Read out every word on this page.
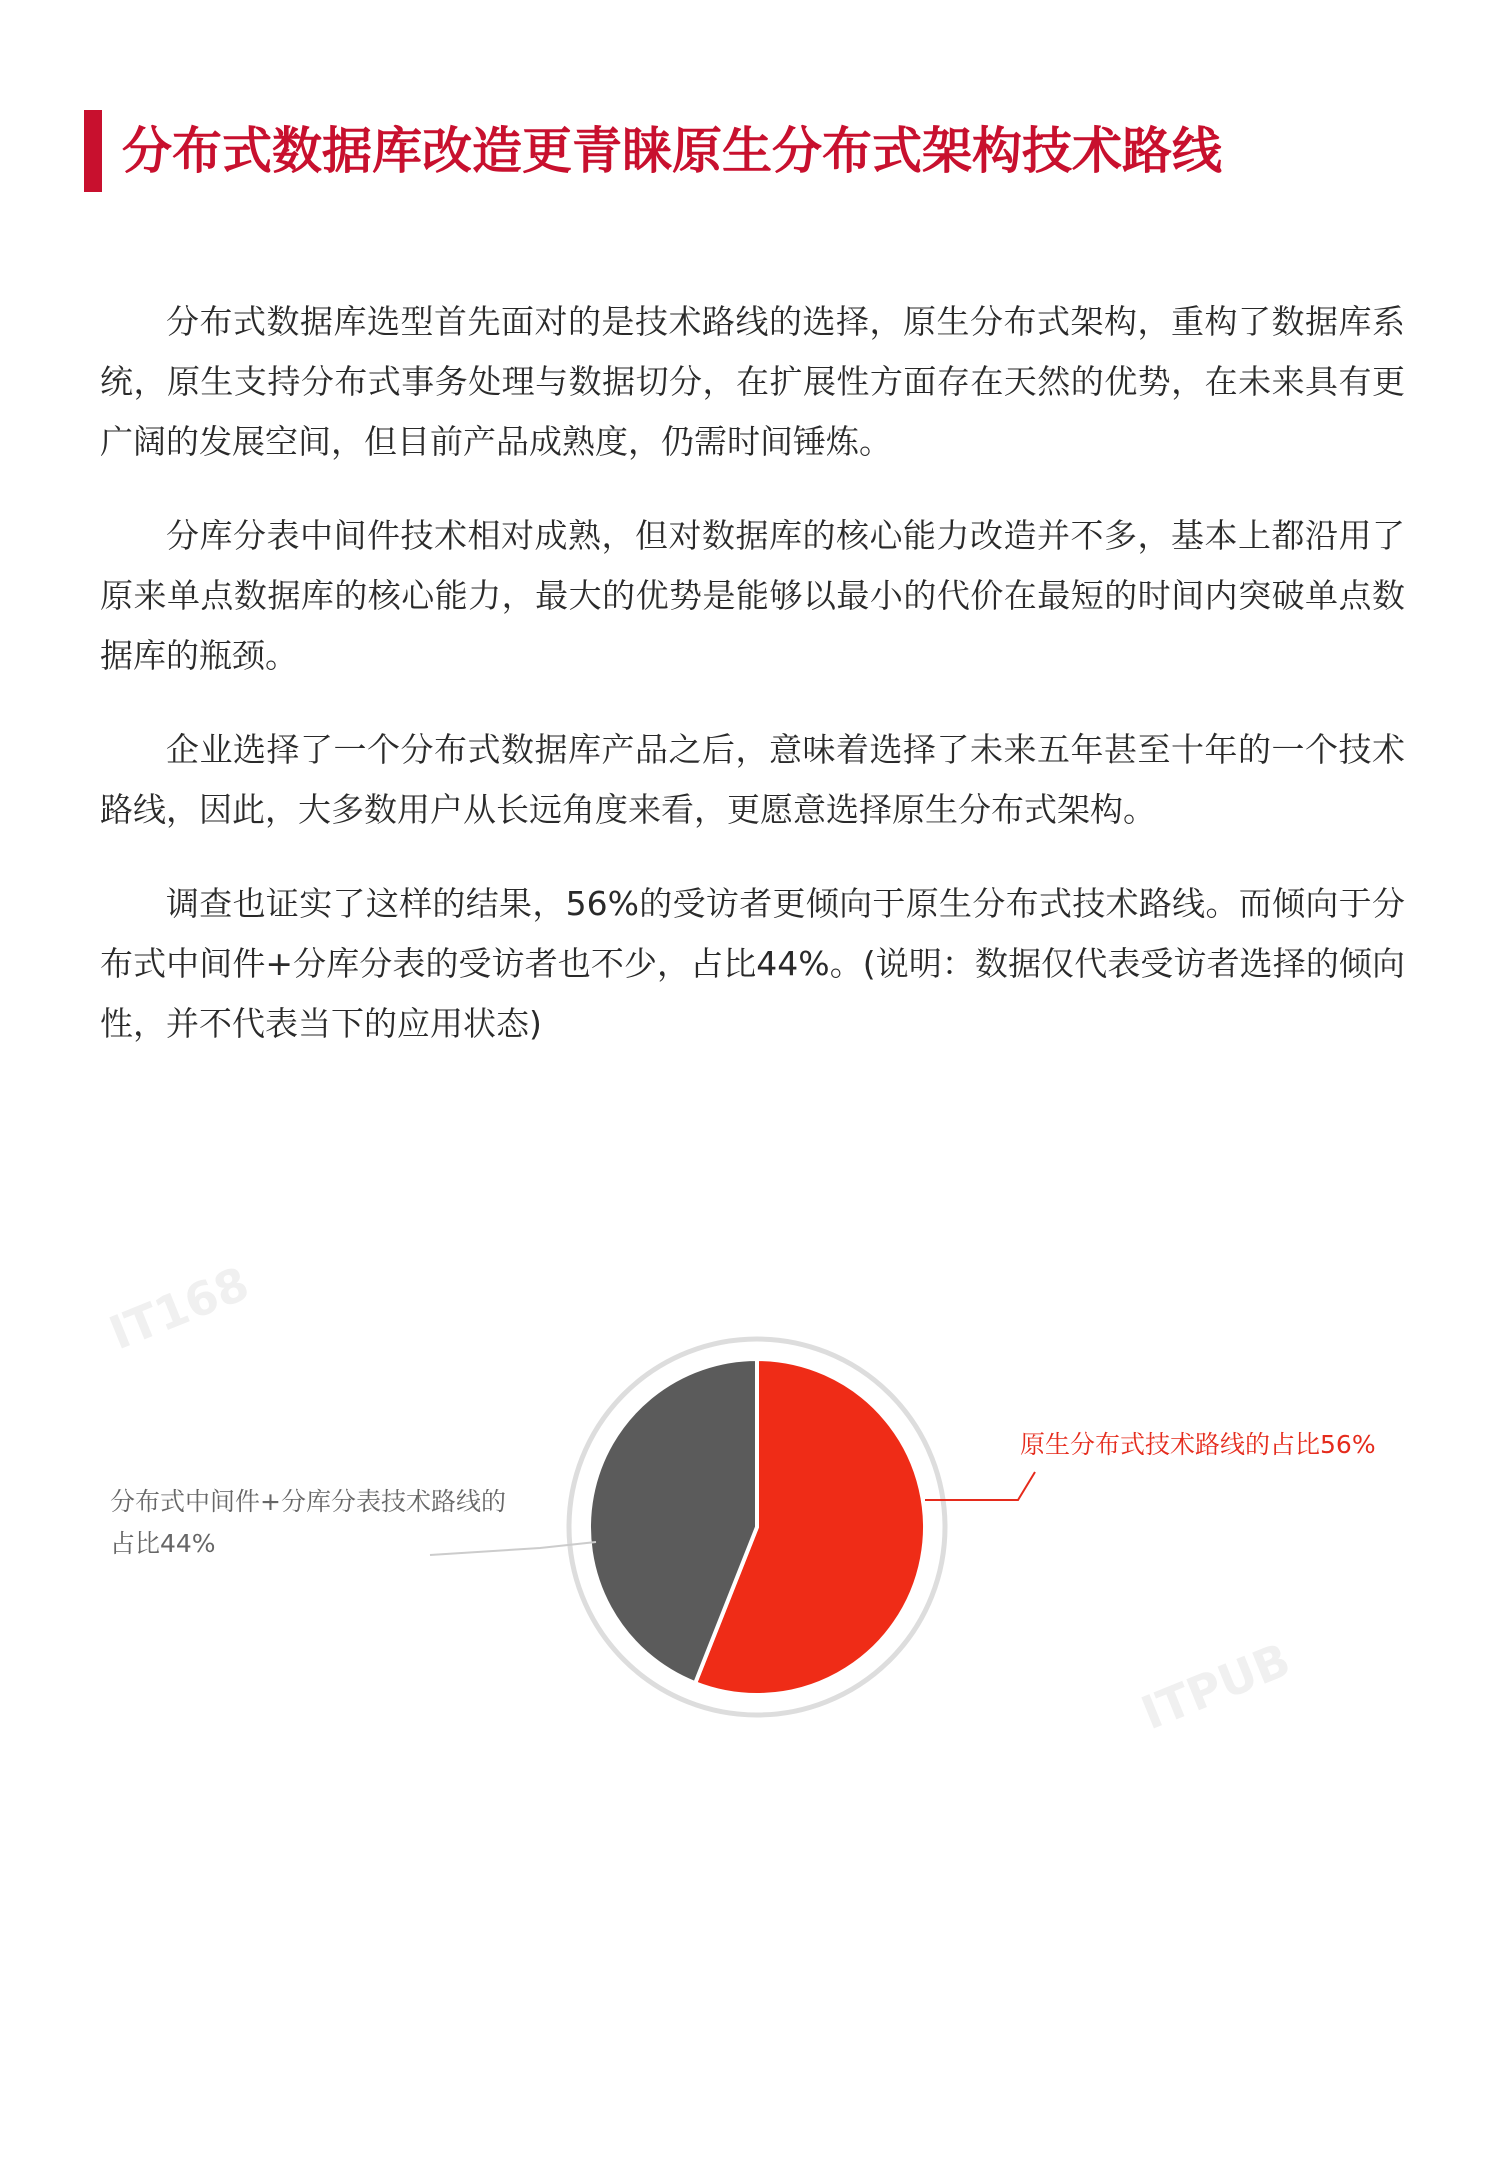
分布式数据库改造更青睐原生分布式架构技术路线

分布式数据库选型首先面对的是技术路线的选择，原生分布式架构，重构了数据库系统，原生支持分布式事务处理与数据切分，在扩展性方面存在天然的优势，在未来具有更广阔的发展空间，但目前产品成熟度，仍需时间锤炼。

分库分表中间件技术相对成熟，但对数据库的核心能力改造并不多，基本上都沿用了原来单点数据库的核心能力，最大的优势是能够以最小的代价在最短的时间内突破单点数据库的瓶颈。

企业选择了一个分布式数据库产品之后，意味着选择了未来五年甚至十年的一个技术路线，因此，大多数用户从长远角度来看，更愿意选择原生分布式架构。

调查也证实了这样的结果，56%的受访者更倾向于原生分布式技术路线。而倾向于分布式中间件+分库分表的受访者也不少，占比44%。(说明：数据仅代表受访者选择的倾向性，并不代表当下的应用状态)

IT168
ITPUB
原生分布式技术路线的占比56%
分布式中间件+分库分表技术路线的
占比44%
